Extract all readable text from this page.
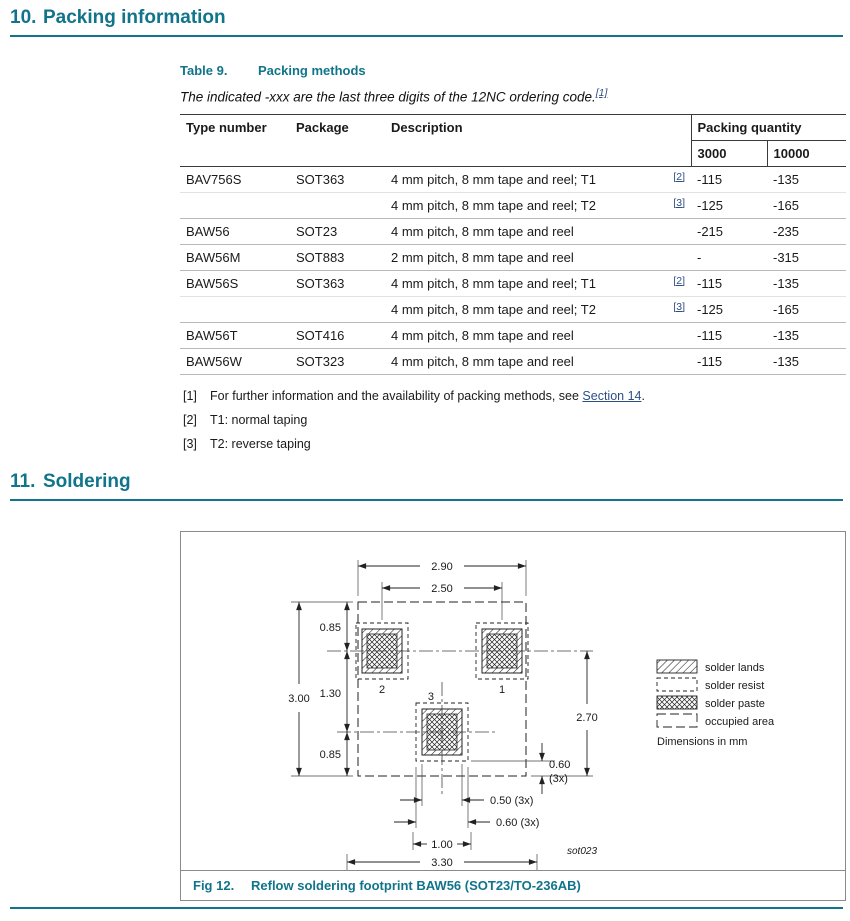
10. Packing information
Table 9. Packing methods

The indicated -xxx are the last three digits of the 12NC ordering code.[1]

Type number	Package	Description	Packing quantity	
			3000	10000
BAV756S	SOT363	4 mm pitch, 8 mm tape and reel; T1 [2]	-115	-135

		4 mm pitch, 8 mm tape and reel; T2 [3]	-125	-165
BAW56	SOT23	4 mm pitch, 8 mm tape and reel	-215	-235
BAW56M	SOT883	2 mm pitch, 8 mm tape and reel	-	-315
BAW56S	SOT363	4 mm pitch, 8 mm tape and reel; T1 [2]	-115	-135

		4 mm pitch, 8 mm tape and reel; T2 [3]	-125	-165
BAW56T	SOT416	4 mm pitch, 8 mm tape and reel	-115	-135
BAW56W	SOT323	4 mm pitch, 8 mm tape and reel	-115	-135
[1]	For further information and the availability of packing methods, see Section 14.
[2]	T1: normal taping
[3]	T2: reverse taping
11. Soldering
2.90
2.50
3.00
0.85
1.30
0.85
2.70
0.60
(3x)
0.50 (3x)
0.60 (3x)
1.00
3.30
2	1
3
sot023
solder lands
solder resist
solder paste
occupied area
Dimensions in mm
Fig 12. Reflow soldering footprint BAW56 (SOT23/TO-236AB)
